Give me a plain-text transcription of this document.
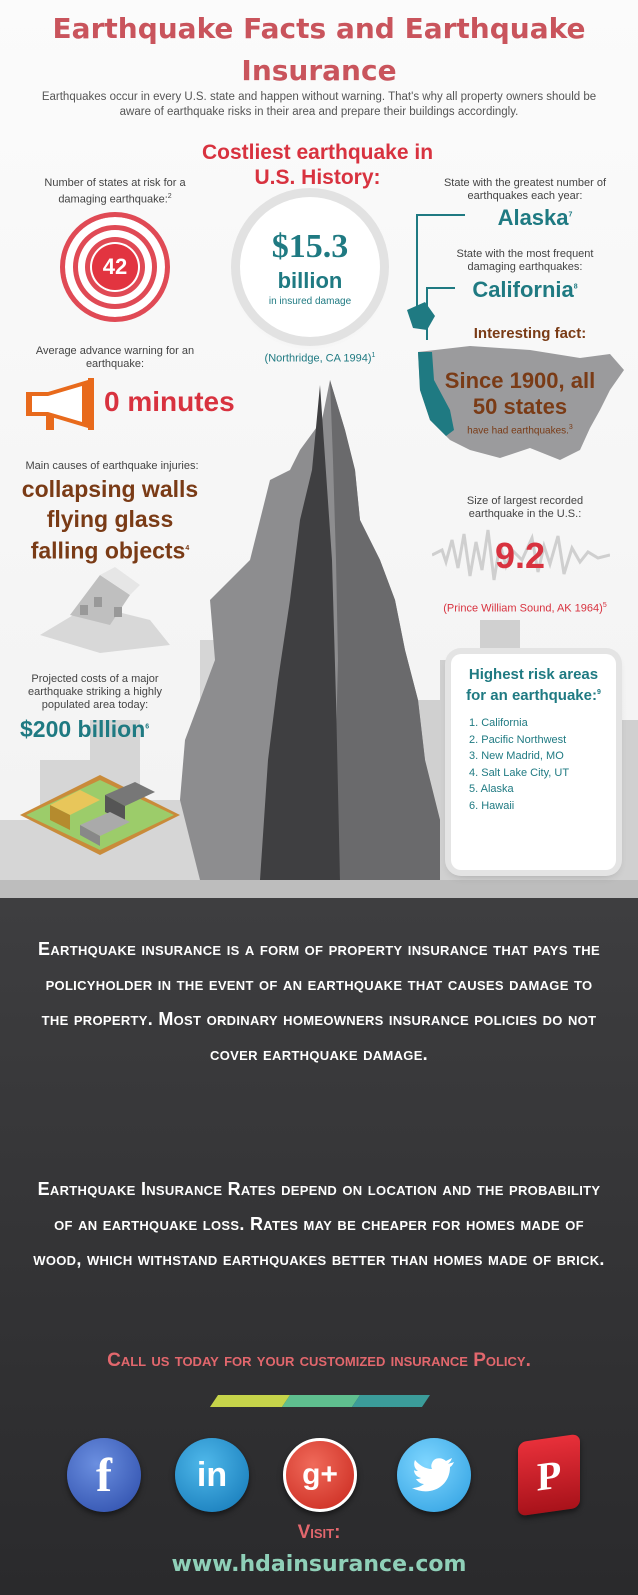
Earthquake Facts and Earthquake Insurance
Earthquakes occur in every U.S. state and happen without warning. That's why all property owners should be aware of earthquake risks in their area and prepare their buildings accordingly.
Number of states at risk for a damaging earthquake:$^2$
42
Costliest earthquake in U.S. History:
$15.3
billion
in insured damage
(Northridge, CA 1994)$^1$
State with the greatest number of earthquakes each year:
Alaska$^7$
State with the most frequent damaging earthquakes:
California$^8$
Interesting fact:
Since 1900, all 50 states
have had earthquakes.$^3$
Average advance warning for an earthquake:
0 minutes
Main causes of earthquake injuries:
collapsing walls
flying glass
falling objects$^4$
Size of largest recorded earthquake in the U.S.:
9.2
(Prince William Sound, AK 1964)$^5$
Projected costs of a major earthquake striking a highly populated area today:
$200 billion$^6$
Highest risk areas for an earthquake:$^9$
1. California
2. Pacific Northwest
3. New Madrid, MO
4. Salt Lake City, UT
5. Alaska
6. Hawaii
Earthquake insurance is a form of property insurance that pays the policyholder in the event of an earthquake that causes damage to the property. Most ordinary homeowners insurance policies do not cover earthquake damage.
Earthquake Insurance Rates depend on location and the probability of an earthquake loss. Rates may be cheaper for homes made of wood, which withstand earthquakes better than homes made of brick.
Call us today for your customized insurance Policy.
f	in	g+	P
Visit:
www.hdainsurance.com
